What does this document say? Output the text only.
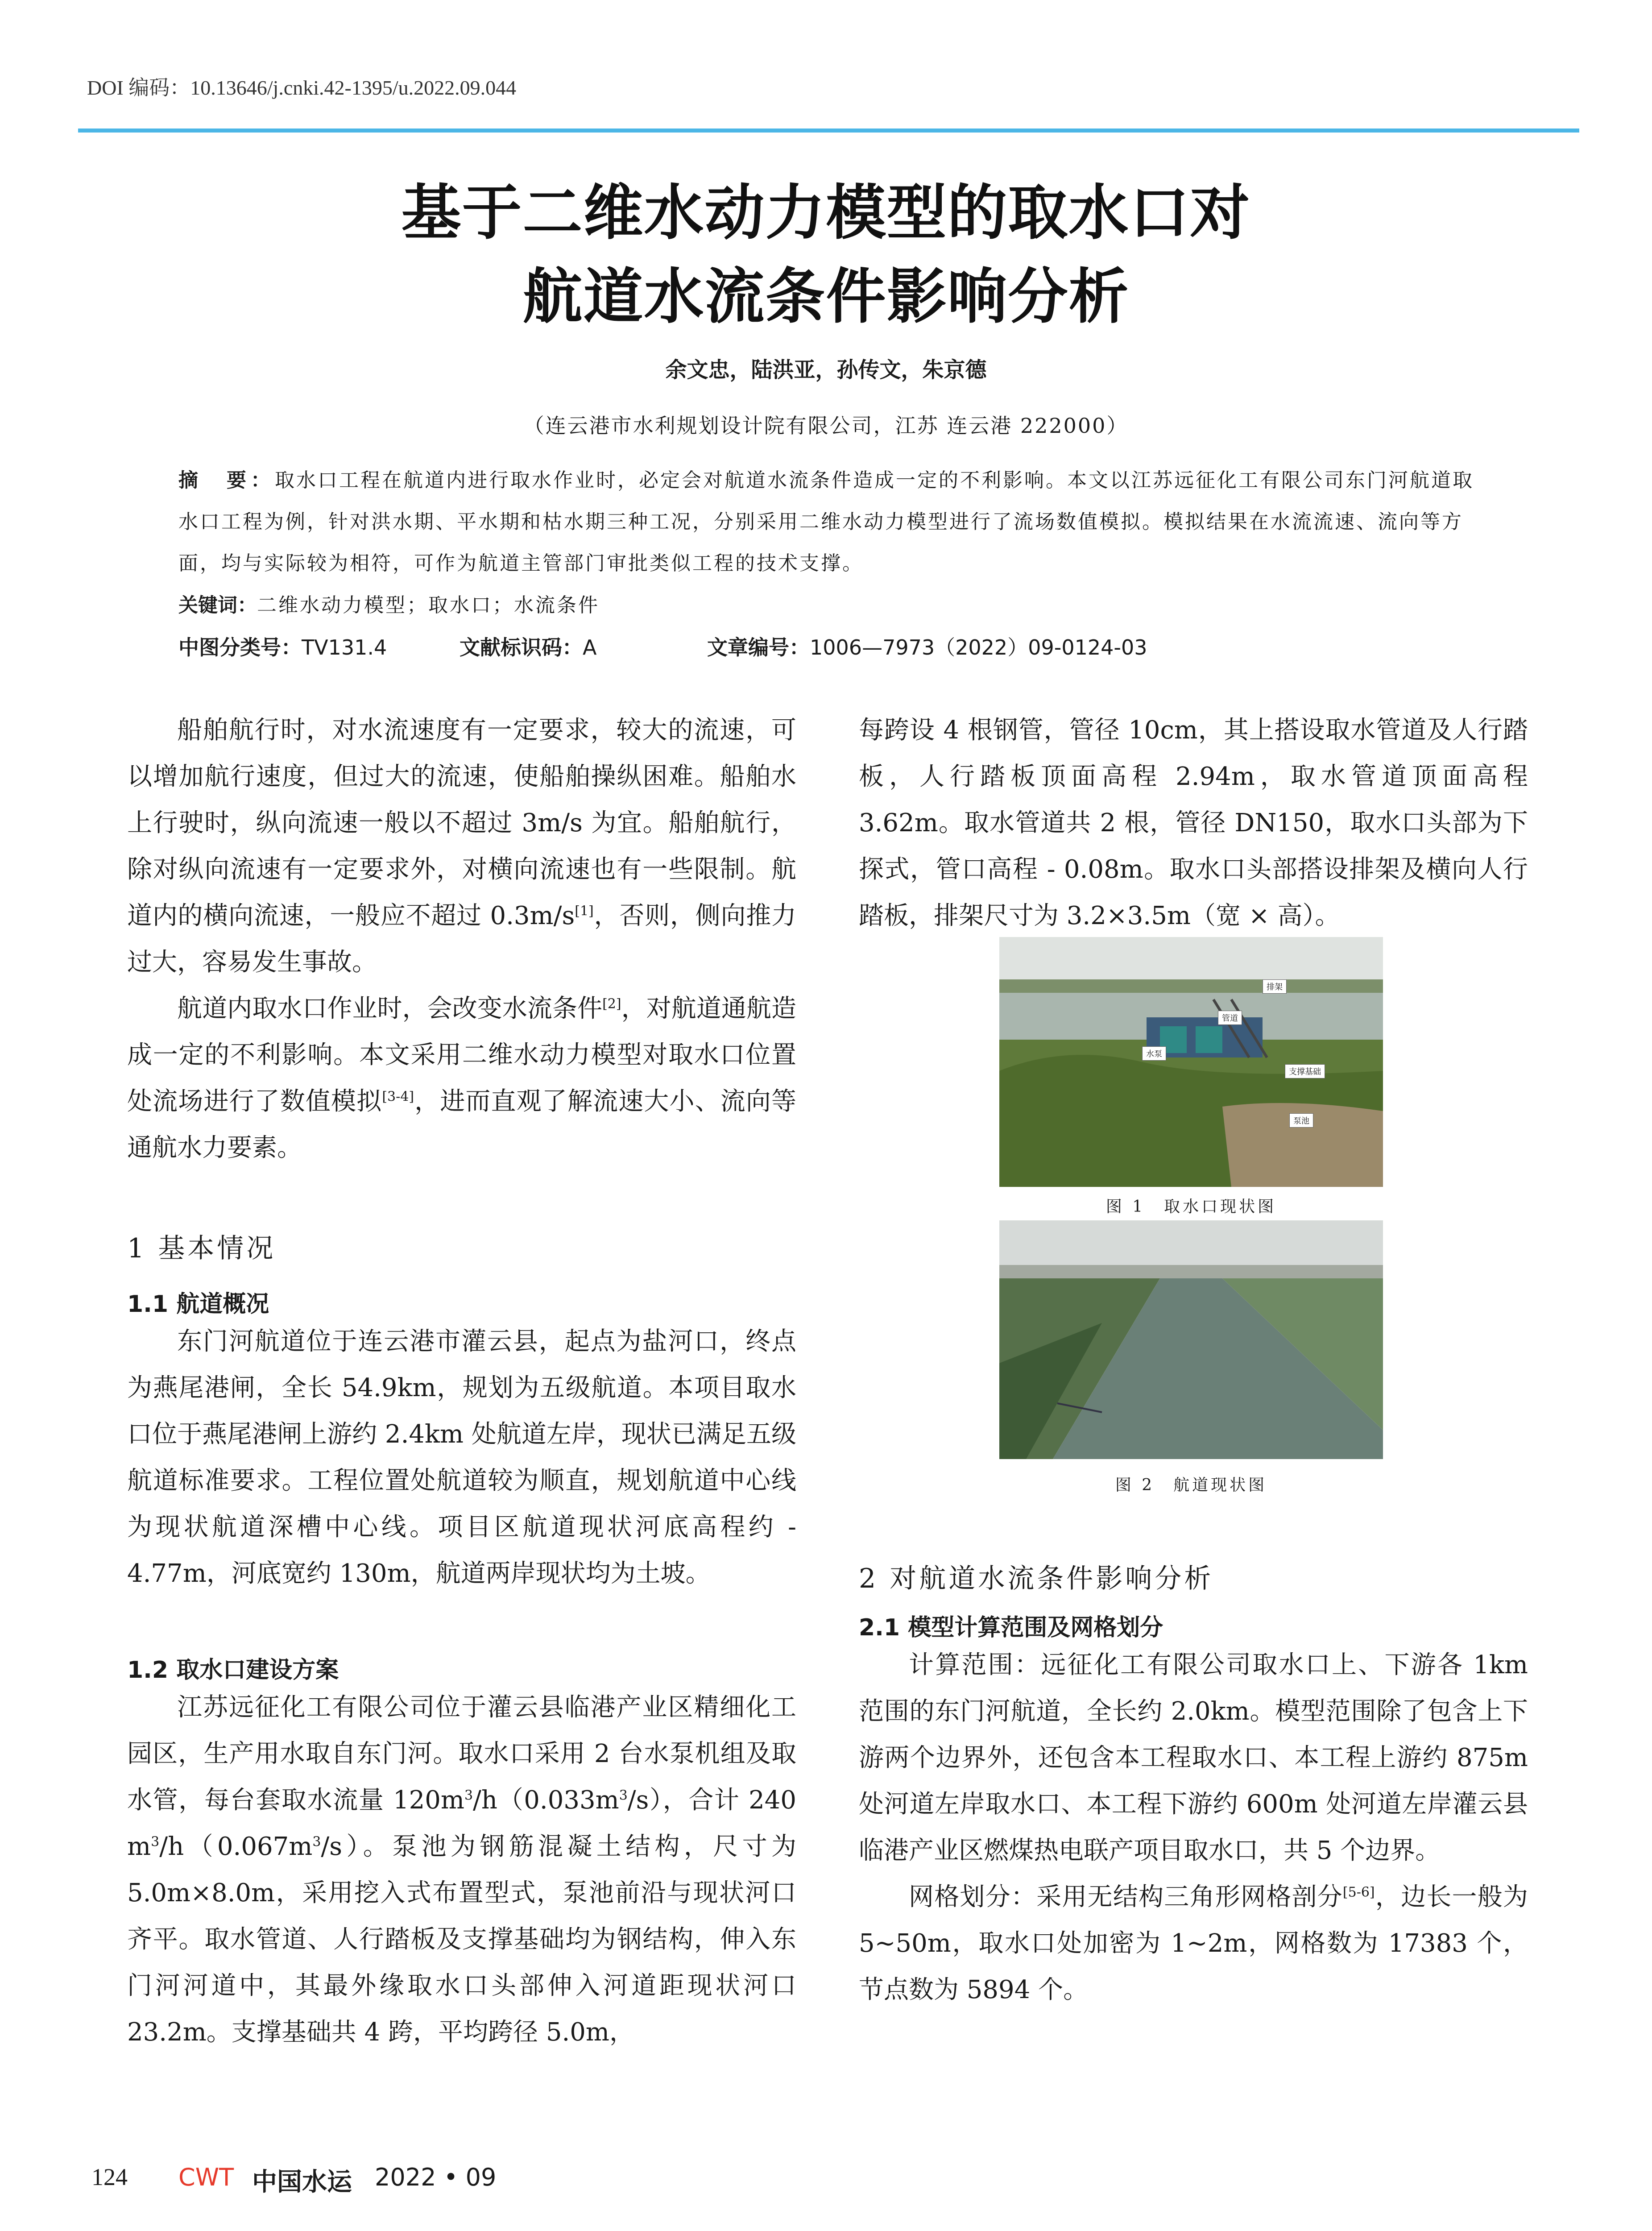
DOI 编码：10.13646/j.cnki.42-1395/u.2022.09.044
基于二维水动力模型的取水口对
航道水流条件影响分析
余文忠，陆洪亚，孙传文，朱京德
（连云港市水利规划设计院有限公司，江苏 连云港 222000）
摘　要：取水口工程在航道内进行取水作业时，必定会对航道水流条件造成一定的不利影响。本文以江苏远征化工有限公司东门河航道取水口工程为例，针对洪水期、平水期和枯水期三种工况，分别采用二维水动力模型进行了流场数值模拟。模拟结果在水流流速、流向等方面，均与实际较为相符，可作为航道主管部门审批类似工程的技术支撑。
关键词：二维水动力模型；取水口；水流条件
中图分类号：TV131.4	文献标识码：A	文章编号：1006—7973（2022）09-0124-03

船舶航行时，对水流速度有一定要求，较大的流速，可以增加航行速度，但过大的流速，使船舶操纵困难。船舶水上行驶时，纵向流速一般以不超过 3m/s 为宜。船舶航行，除对纵向流速有一定要求外，对横向流速也有一些限制。航道内的横向流速，一般应不超过 0.3m/s[1]，否则，侧向推力过大，容易发生事故。

航道内取水口作业时，会改变水流条件[2]，对航道通航造成一定的不利影响。本文采用二维水动力模型对取水口位置处流场进行了数值模拟[3-4]，进而直观了解流速大小、流向等通航水力要素。

1 基本情况
1.1 航道概况

东门河航道位于连云港市灌云县，起点为盐河口，终点为燕尾港闸，全长 54.9km，规划为五级航道。本项目取水口位于燕尾港闸上游约 2.4km 处航道左岸，现状已满足五级航道标准要求。工程位置处航道较为顺直，规划航道中心线为现状航道深槽中心线。项目区航道现状河底高程约 - 4.77m，河底宽约 130m，航道两岸现状均为土坡。

1.2 取水口建设方案

江苏远征化工有限公司位于灌云县临港产业区精细化工园区，生产用水取自东门河。取水口采用 2 台水泵机组及取水管，每台套取水流量 $120m^3/h(0.033m^3/s)$，合计 240 $m^3/h(0.067m^3/s)$。泵池为钢筋混凝土结构，尺寸为 5.0m×8.0m，采用挖入式布置型式，泵池前沿与现状河口齐平。取水管道、人行踏板及支撑基础均为钢结构，伸入东门河河道中，其最外缘取水口头部伸入河道距现状河口 23.2m。支撑基础共 4 跨，平均跨径 5.0m，

每跨设 4 根钢管，管径 10cm，其上搭设取水管道及人行踏板，人行踏板顶面高程 2.94m，取水管道顶面高程 3.62m。取水管道共 2 根，管径 DN150，取水口头部为下探式，管口高程 - 0.08m。取水口头部搭设排架及横向人行踏板，排架尺寸为 3.2×3.5m（宽 × 高）。

排架
管道
水泵
支撑基础
泵池
图 1　取水口现状图
图 2　航道现状图
2 对航道水流条件影响分析
2.1 模型计算范围及网格划分

计算范围：远征化工有限公司取水口上、下游各 1km 范围的东门河航道，全长约 2.0km。模型范围除了包含上下游两个边界外，还包含本工程取水口、本工程上游约 875m 处河道左岸取水口、本工程下游约 600m 处河道左岸灌云县临港产业区燃煤热电联产项目取水口，共 5 个边界。

网格划分：采用无结构三角形网格剖分[5-6]，边长一般为 5~50m，取水口处加密为 1~2m，网格数为 17383 个，节点数为 5894 个。

124 CWT 中国水运 2022 • 09
